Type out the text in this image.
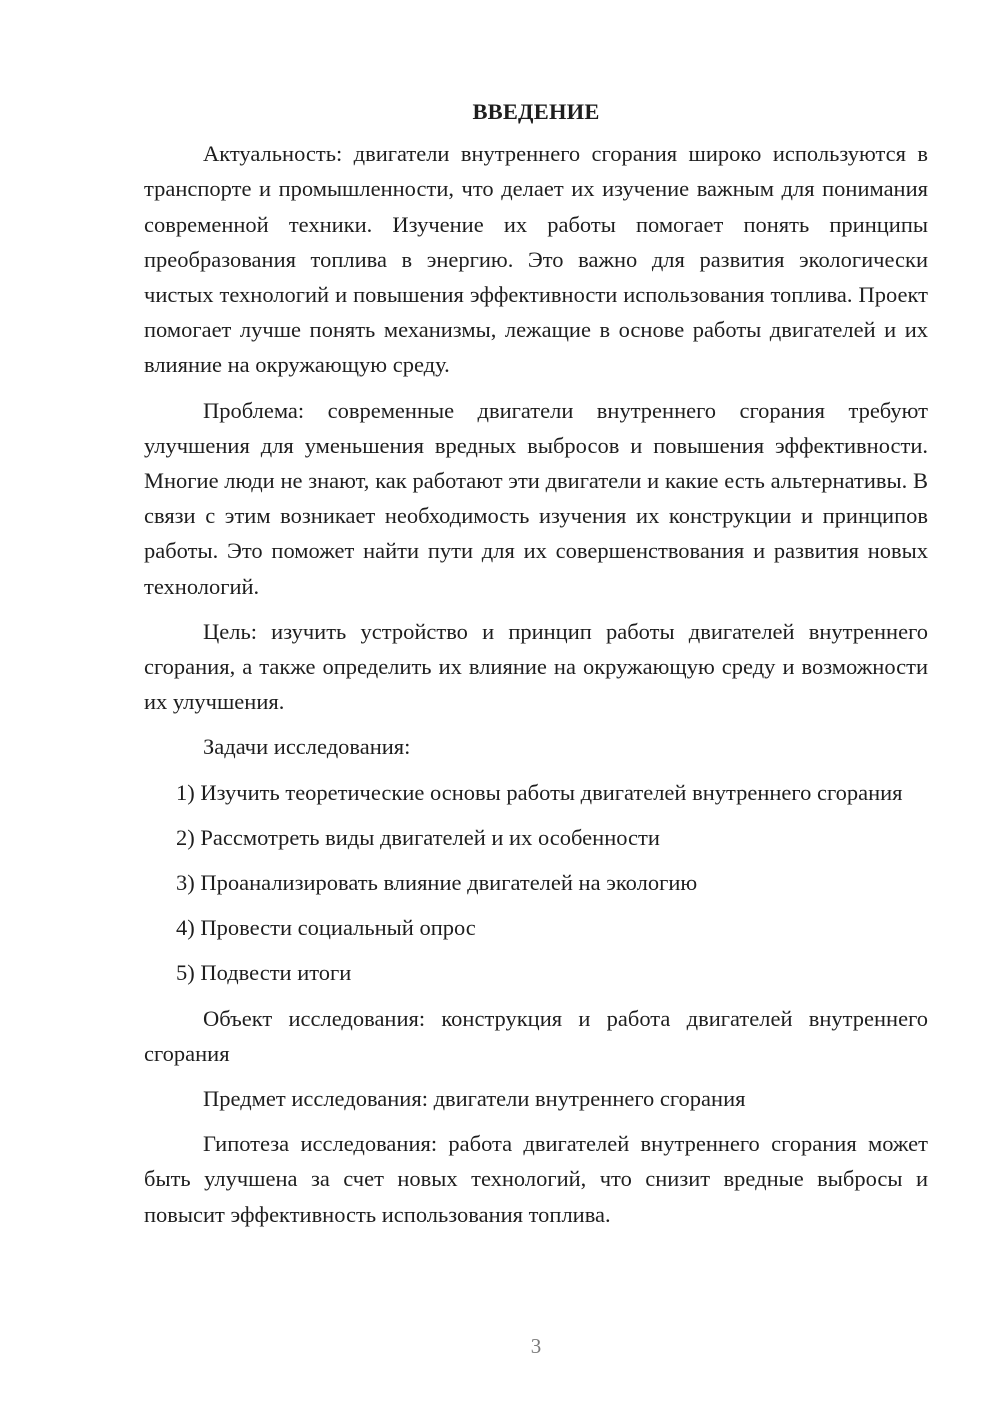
ВВЕДЕНИЕ

Актуальность: двигатели внутреннего сгорания широко используются в транспорте и промышленности, что делает их изучение важным для понимания современной техники. Изучение их работы помогает понять принципы преобразования топлива в энергию. Это важно для развития экологически чистых технологий и повышения эффективности использования топлива. Проект помогает лучше понять механизмы, лежащие в основе работы двигателей и их влияние на окружающую среду.

Проблема: современные двигатели внутреннего сгорания требуют улучшения для уменьшения вредных выбросов и повышения эффективности. Многие люди не знают, как работают эти двигатели и какие есть альтернативы. В связи с этим возникает необходимость изучения их конструкции и принципов работы. Это поможет найти пути для их совершенствования и развития новых технологий.

Цель: изучить устройство и принцип работы двигателей внутреннего сгорания, а также определить их влияние на окружающую среду и возможности их улучшения.

Задачи исследования:

1) Изучить теоретические основы работы двигателей внутреннего сгорания

2) Рассмотреть виды двигателей и их особенности

3) Проанализировать влияние двигателей на экологию

4) Провести социальный опрос

5) Подвести итоги

Объект исследования: конструкция и работа двигателей внутреннего сгорания

Предмет исследования: двигатели внутреннего сгорания

Гипотеза исследования: работа двигателей внутреннего сгорания может быть улучшена за счет новых технологий, что снизит вредные выбросы и повысит эффективность использования топлива.

3
